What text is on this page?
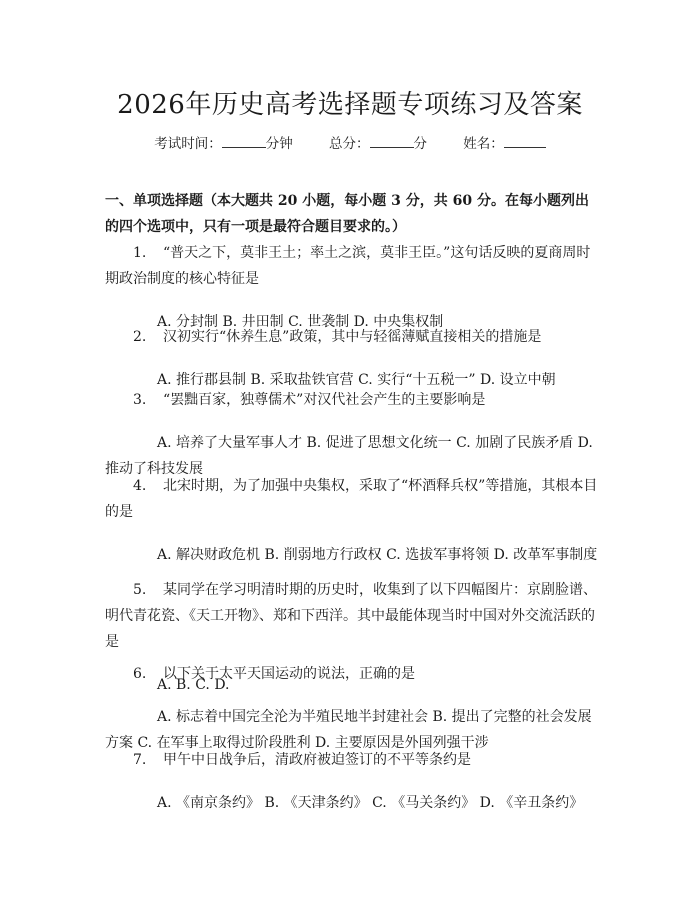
2026年历史高考选择题专项练习及答案
考试时间：	分钟	总分：	分	姓名：
一、单项选择题（本大题共 20 小题，每小题 3 分，共 60 分。在每小题列出的四个选项中，只有一项是最符合题目要求的。）

1. “普天之下，莫非王土；率土之滨，莫非王臣。”这句话反映的夏商周时期政治制度的核心特征是

A. 分封制 B. 井田制 C. 世袭制 D. 中央集权制

2. 汉初实行“休养生息”政策，其中与轻徭薄赋直接相关的措施是

A. 推行郡县制 B. 采取盐铁官营 C. 实行“十五税一” D. 设立中朝

3. “罢黜百家，独尊儒术”对汉代社会产生的主要影响是

A. 培养了大量军事人才 B. 促进了思想文化统一 C. 加剧了民族矛盾 D. 推动了科技发展

4. 北宋时期，为了加强中央集权，采取了“杯酒释兵权”等措施，其根本目的是

A. 解决财政危机 B. 削弱地方行政权 C. 选拔军事将领 D. 改革军事制度

5. 某同学在学习明清时期的历史时，收集到了以下四幅图片：京剧脸谱、明代青花瓷、《天工开物》、郑和下西洋。其中最能体现当时中国对外交流活跃的是

A. B. C. D.

6. 以下关于太平天国运动的说法，正确的是

A. 标志着中国完全沦为半殖民地半封建社会 B. 提出了完整的社会发展方案 C. 在军事上取得过阶段胜利 D. 主要原因是外国列强干涉

7. 甲午中日战争后，清政府被迫签订的不平等条约是

A. 《南京条约》 B. 《天津条约》 C. 《马关条约》 D. 《辛丑条约》
